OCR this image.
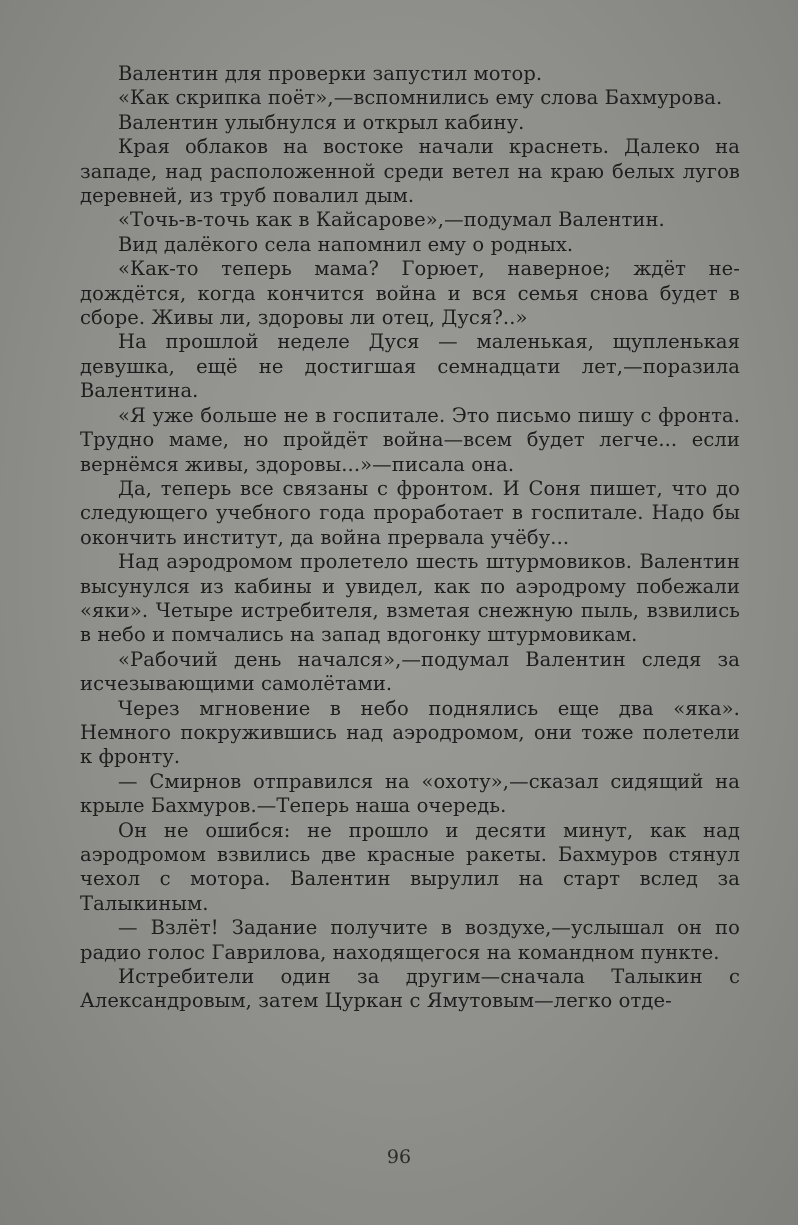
Валентин для проверки запустил мотор.

«Как скрипка поёт»,—вспомнились ему слова Бахмурова.

Валентин улыбнулся и открыл кабину.

Края облаков на востоке начали краснеть. Далеко на западе, над расположенной среди ветел на краю белых лугов деревней, из труб повалил дым.

«Точь-в-точь как в Кайсарове»,—подумал Валентин.

Вид далёкого села напомнил ему о родных.

«Как-то теперь мама? Горюет, наверное; ждёт не- дождётся, когда кончится война и вся семья снова будет в сборе. Живы ли, здоровы ли отец, Дуся?..»

На прошлой неделе Дуся — маленькая, щупленькая девушка, ещё не достигшая семнадцати лет,—поразила Валентина.

«Я уже больше не в госпитале. Это письмо пишу с фронта. Трудно маме, но пройдёт война—всем будет легче... если вернёмся живы, здоровы...»—писала она.

Да, теперь все связаны с фронтом. И Соня пишет, что до следующего учебного года проработает в госпитале. Надо бы окончить институт, да война прервала учёбу...

Над аэродромом пролетело шесть штурмовиков. Валентин высунулся из кабины и увидел, как по аэродрому побежали «яки». Четыре истребителя, взметая снежную пыль, взвились в небо и помчались на запад вдогонку штурмовикам.

«Рабочий день начался»,—подумал Валентин следя за исчезывающими самолётами.

Через мгновение в небо поднялись еще два «яка». Немного покружившись над аэродромом, они тоже полетели к фронту.

— Смирнов отправился на «охоту»,—сказал сидящий на крыле Бахмуров.—Теперь наша очередь.

Он не ошибся: не прошло и десяти минут, как над аэродромом взвились две красные ракеты. Бахмуров стянул чехол с мотора. Валентин вырулил на старт вслед за Талыкиным.

— Взлёт! Задание получите в воздухе,—услышал он по радио голос Гаврилова, находящегося на командном пункте.

Истребители один за другим—сначала Талыкин с Александровым, затем Цуркан с Ямутовым—легко отде-

96
